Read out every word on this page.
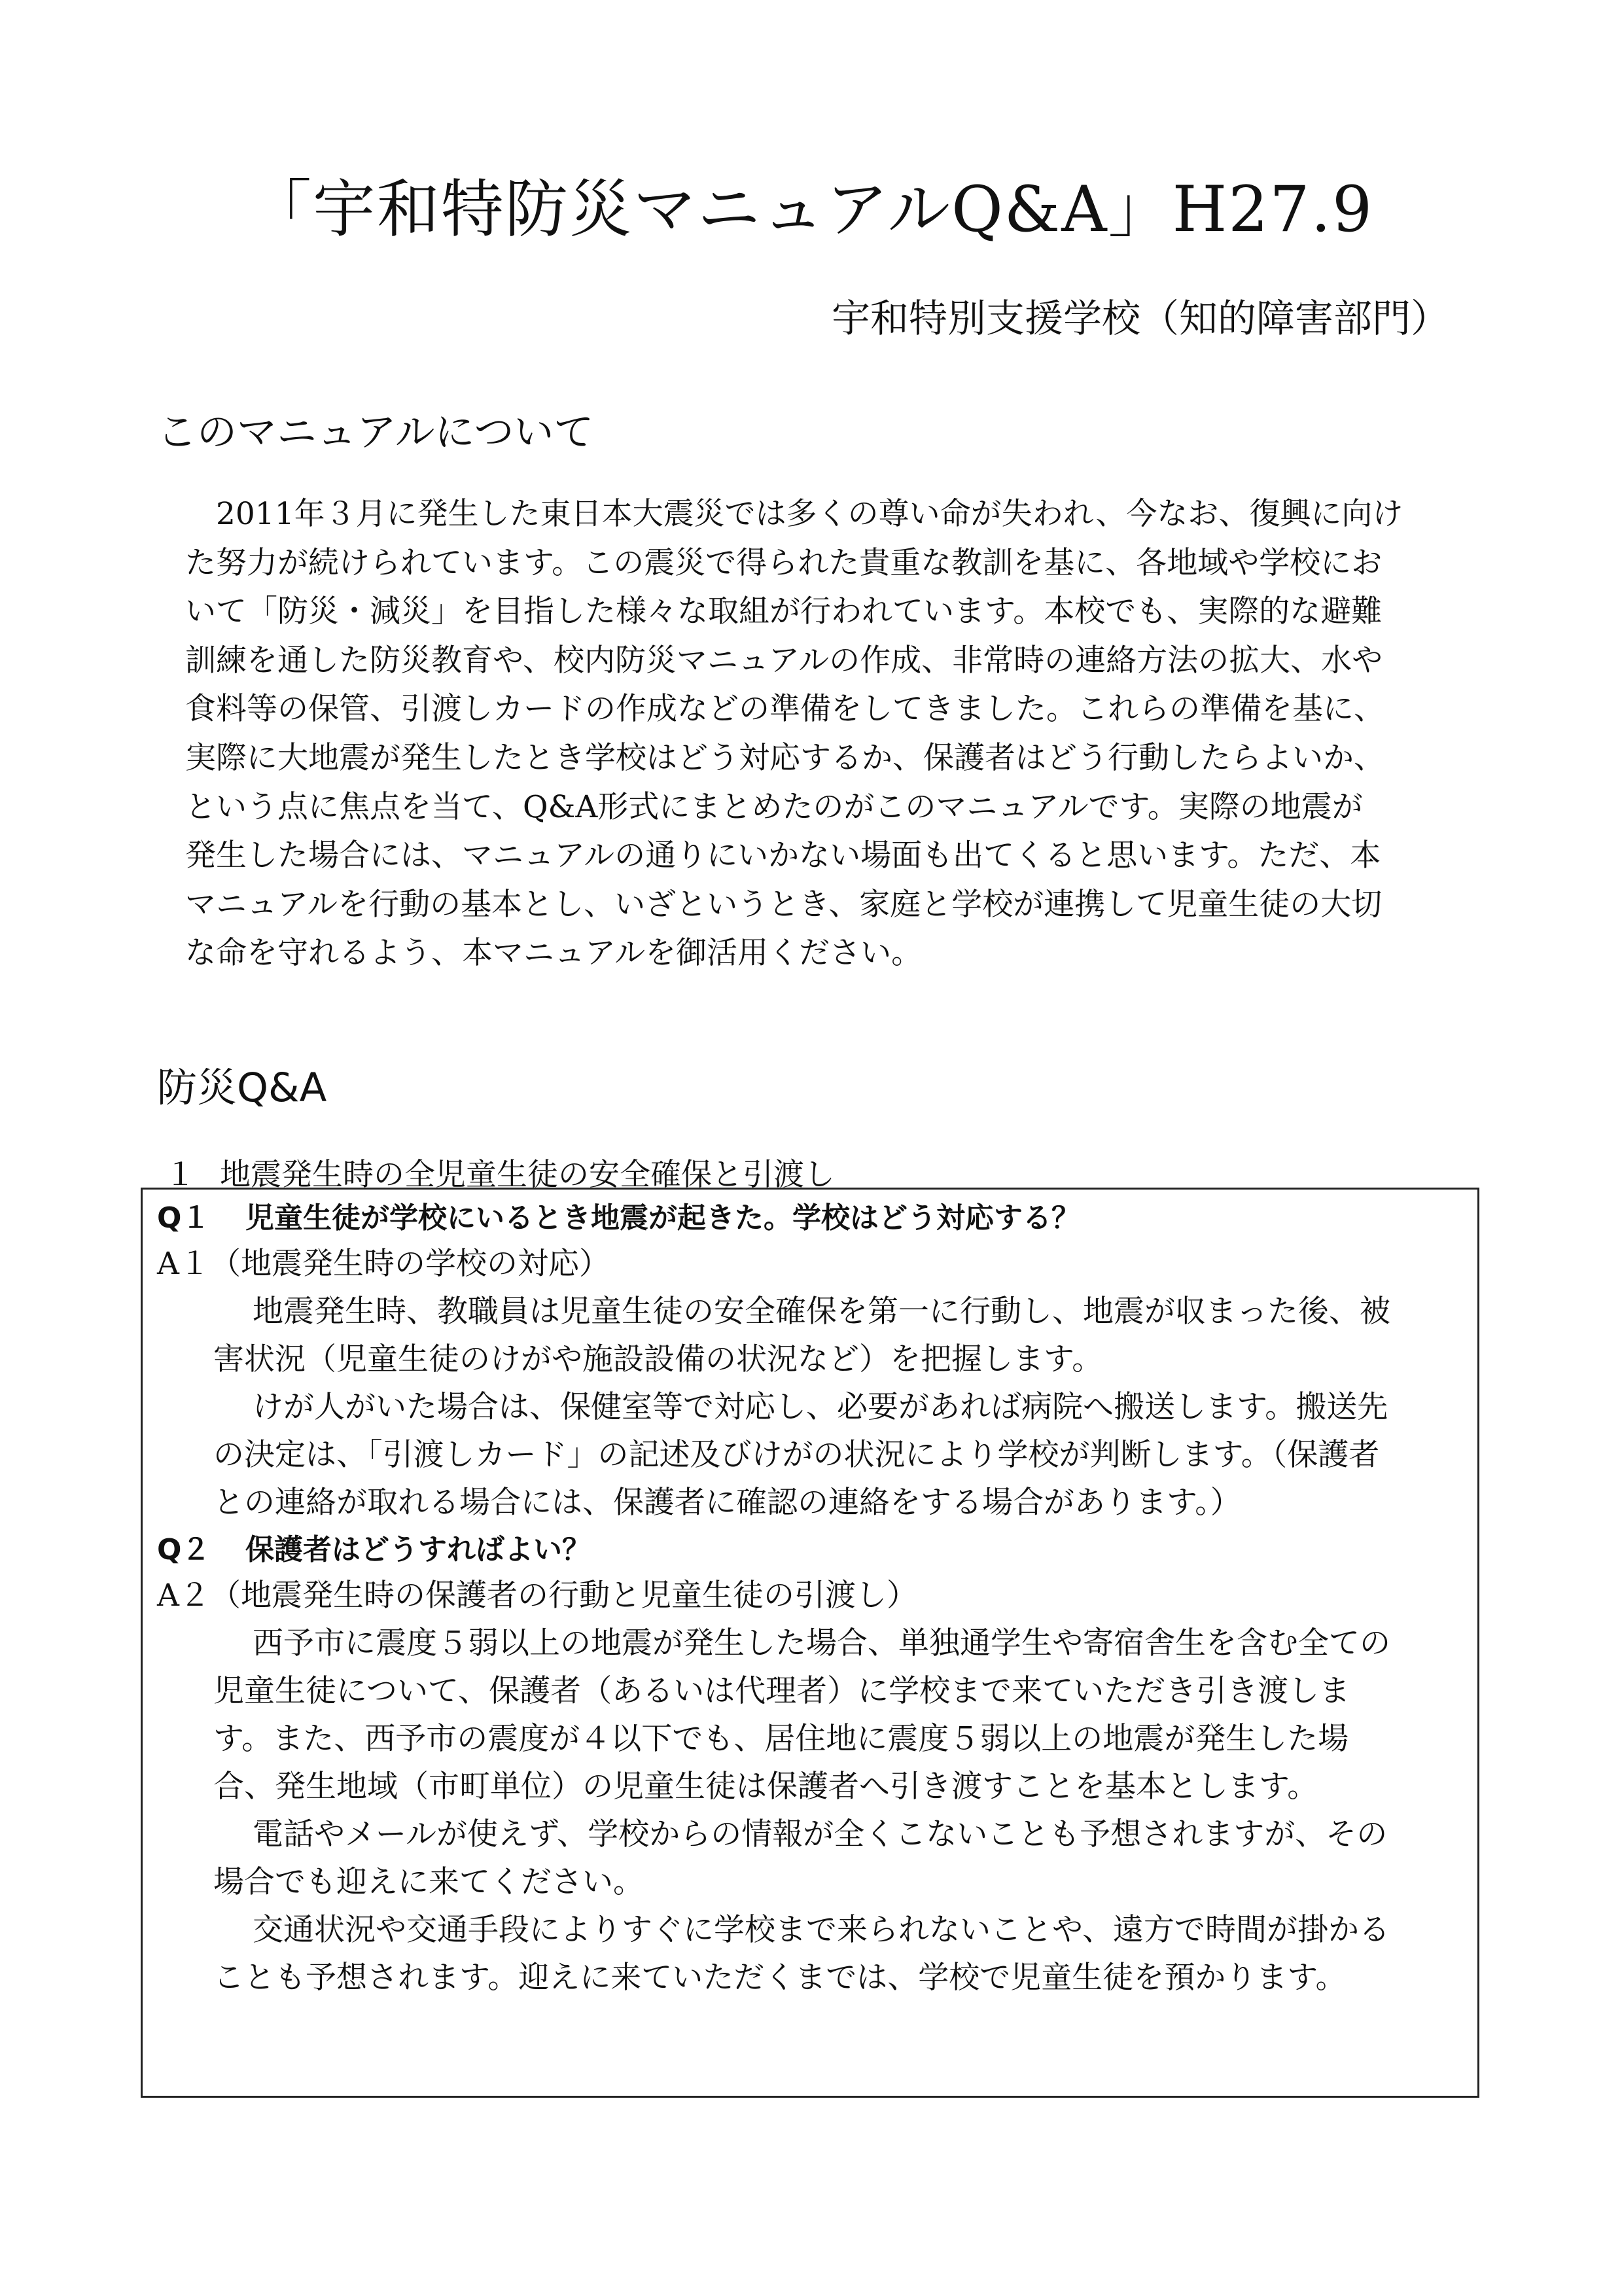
「宇和特防災マニュアルQ&A」H27.9

宇和特別支援学校（知的障害部門）

このマニュアルについて

2011年３月に発生した東日本大震災では多くの尊い命が失われ、今なお、復興に向け
た努力が続けられています。この震災で得られた貴重な教訓を基に、各地域や学校にお
いて「防災・減災」を目指した様々な取組が行われています。本校でも、実際的な避難
訓練を通した防災教育や、校内防災マニュアルの作成、非常時の連絡方法の拡大、水や
食料等の保管、引渡しカードの作成などの準備をしてきました。これらの準備を基に、
実際に大地震が発生したとき学校はどう対応するか、保護者はどう行動したらよいか、
という点に焦点を当て、Q&A形式にまとめたのがこのマニュアルです。実際の地震が
発生した場合には、マニュアルの通りにいかない場面も出てくると思います。ただ、本
マニュアルを行動の基本とし、いざというとき、家庭と学校が連携して児童生徒の大切
な命を守れるよう、本マニュアルを御活用ください。

防災Q&A

１ 地震発生時の全児童生徒の安全確保と引渡し

Q１ 児童生徒が学校にいるとき地震が起きた。学校はどう対応する？

A１（地震発生時の学校の対応）

地震発生時、教職員は児童生徒の安全確保を第一に行動し、地震が収まった後、被

害状況（児童生徒のけがや施設設備の状況など）を把握します。

けが人がいた場合は、保健室等で対応し、必要があれば病院へ搬送します。搬送先

の決定は、「引渡しカード」の記述及びけがの状況により学校が判断します。（保護者

との連絡が取れる場合には、保護者に確認の連絡をする場合があります。）

Q２ 保護者はどうすればよい？

A２（地震発生時の保護者の行動と児童生徒の引渡し）

西予市に震度５弱以上の地震が発生した場合、単独通学生や寄宿舎生を含む全ての

児童生徒について、保護者（あるいは代理者）に学校まで来ていただき引き渡しま

す。また、西予市の震度が４以下でも、居住地に震度５弱以上の地震が発生した場

合、発生地域（市町単位）の児童生徒は保護者へ引き渡すことを基本とします。

電話やメールが使えず、学校からの情報が全くこないことも予想されますが、その

場合でも迎えに来てください。

交通状況や交通手段によりすぐに学校まで来られないことや、遠方で時間が掛かる

ことも予想されます。迎えに来ていただくまでは、学校で児童生徒を預かります。
